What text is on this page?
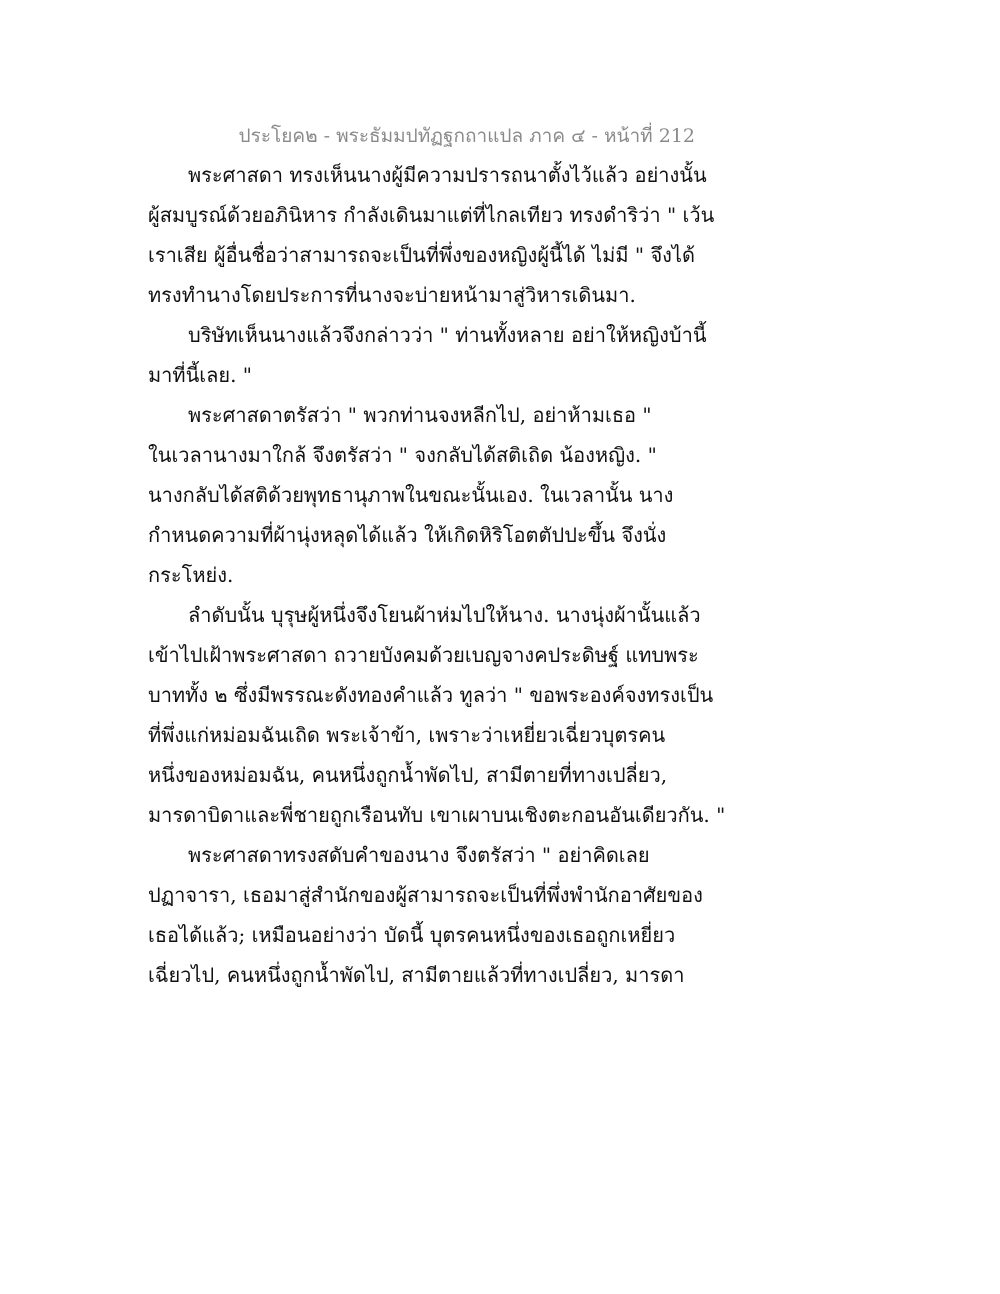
ประโยค๒ - พระธัมมปทัฏฐกถาแปล ภาค ๔ - หน้าที่ 212
พระศาสดา ทรงเห็นนางผู้มีความปรารถนาตั้งไว้แล้ว อย่างนั้น
ผู้สมบูรณ์ด้วยอภินิหาร กำลังเดินมาแต่ที่ไกลเทียว ทรงดำริว่า " เว้น
เราเสีย ผู้อื่นชื่อว่าสามารถจะเป็นที่พึ่งของหญิงผู้นี้ได้ ไม่มี " จึงได้
ทรงทำนางโดยประการที่นางจะบ่ายหน้ามาสู่วิหารเดินมา.
บริษัทเห็นนางแล้วจึงกล่าวว่า " ท่านทั้งหลาย อย่าให้หญิงบ้านี้
มาที่นี้เลย. "
พระศาสดาตรัสว่า " พวกท่านจงหลีกไป, อย่าห้ามเธอ "
ในเวลานางมาใกล้ จึงตรัสว่า " จงกลับได้สติเถิด น้องหญิง. "
นางกลับได้สติด้วยพุทธานุภาพในขณะนั้นเอง. ในเวลานั้น นาง
กำหนดความที่ผ้านุ่งหลุดได้แล้ว ให้เกิดหิริโอตตัปปะขึ้น จึงนั่ง
กระโหย่ง.
ลำดับนั้น บุรุษผู้หนึ่งจึงโยนผ้าห่มไปให้นาง. นางนุ่งผ้านั้นแล้ว
เข้าไปเฝ้าพระศาสดา ถวายบังคมด้วยเบญจางคประดิษฐ์ แทบพระ
บาททั้ง ๒ ซึ่งมีพรรณะดังทองคำแล้ว ทูลว่า " ขอพระองค์จงทรงเป็น
ที่พึ่งแก่หม่อมฉันเถิด พระเจ้าข้า, เพราะว่าเหยี่ยวเฉี่ยวบุตรคน
หนึ่งของหม่อมฉัน, คนหนึ่งถูกน้ำพัดไป, สามีตายที่ทางเปลี่ยว,
มารดาบิดาและพี่ชายถูกเรือนทับ เขาเผาบนเชิงตะกอนอันเดียวกัน. "
พระศาสดาทรงสดับคำของนาง จึงตรัสว่า " อย่าคิดเลย
ปฏาจารา, เธอมาสู่สำนักของผู้สามารถจะเป็นที่พึ่งพำนักอาศัยของ
เธอได้แล้ว; เหมือนอย่างว่า บัดนี้ บุตรคนหนึ่งของเธอถูกเหยี่ยว
เฉี่ยวไป, คนหนึ่งถูกน้ำพัดไป, สามีตายแล้วที่ทางเปลี่ยว, มารดา
